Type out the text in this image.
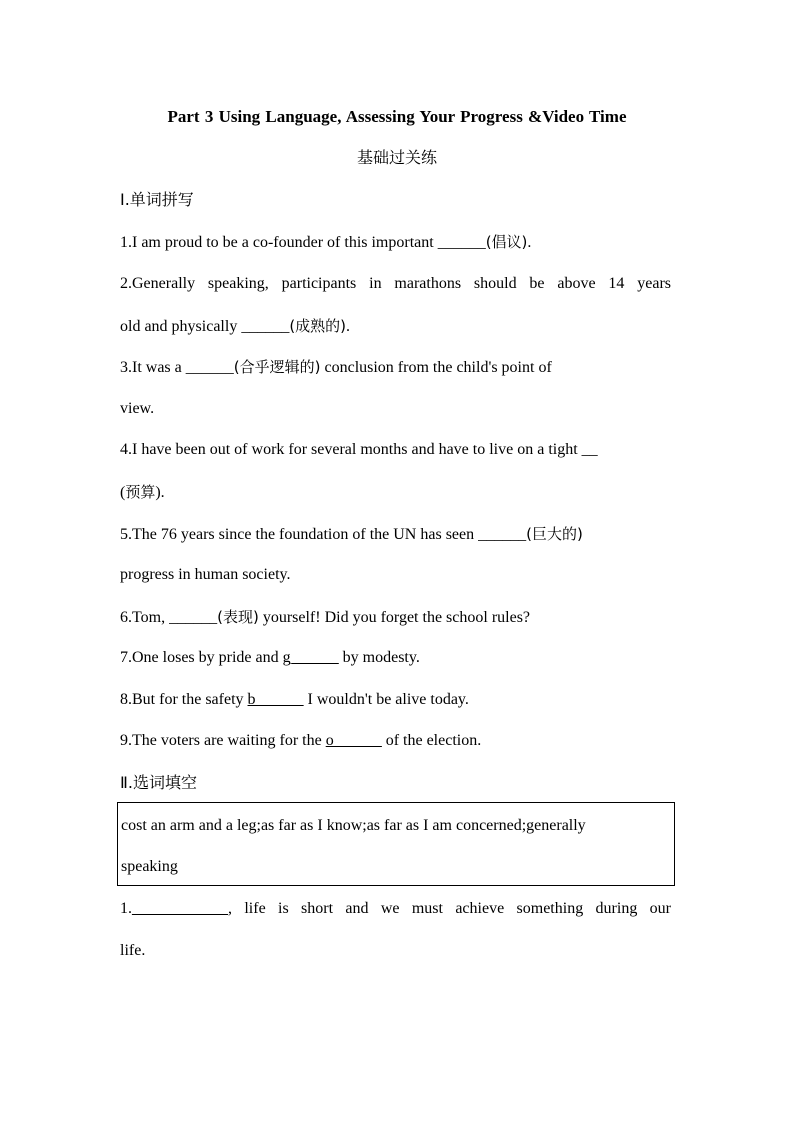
Part 3 Using Language, Assessing Your Progress &Video Time
基础过关练
Ⅰ.单词拼写
1.I am proud to be a co-founder of this important ______(倡议).
2.Generally speaking, participants in marathons should be above 14 years
old and physically ______(成熟的).
3.It was a ______(合乎逻辑的) conclusion from the child's point of
view.
4.I have been out of work for several months and have to live on a tight __
(预算).
5.The 76 years since the foundation of the UN has seen ______(巨大的)
progress in human society.
6.Tom, ______(表现) yourself! Did you forget the school rules?
7.One loses by pride and g______ by modesty.
8.But for the safety b______ I wouldn't be alive today.
9.The voters are waiting for the o______ of the election.
Ⅱ.选词填空
cost an arm and a leg;as far as I know;as far as I am concerned;generally
speaking
1.____________, life is short and we must achieve something during our
life.
